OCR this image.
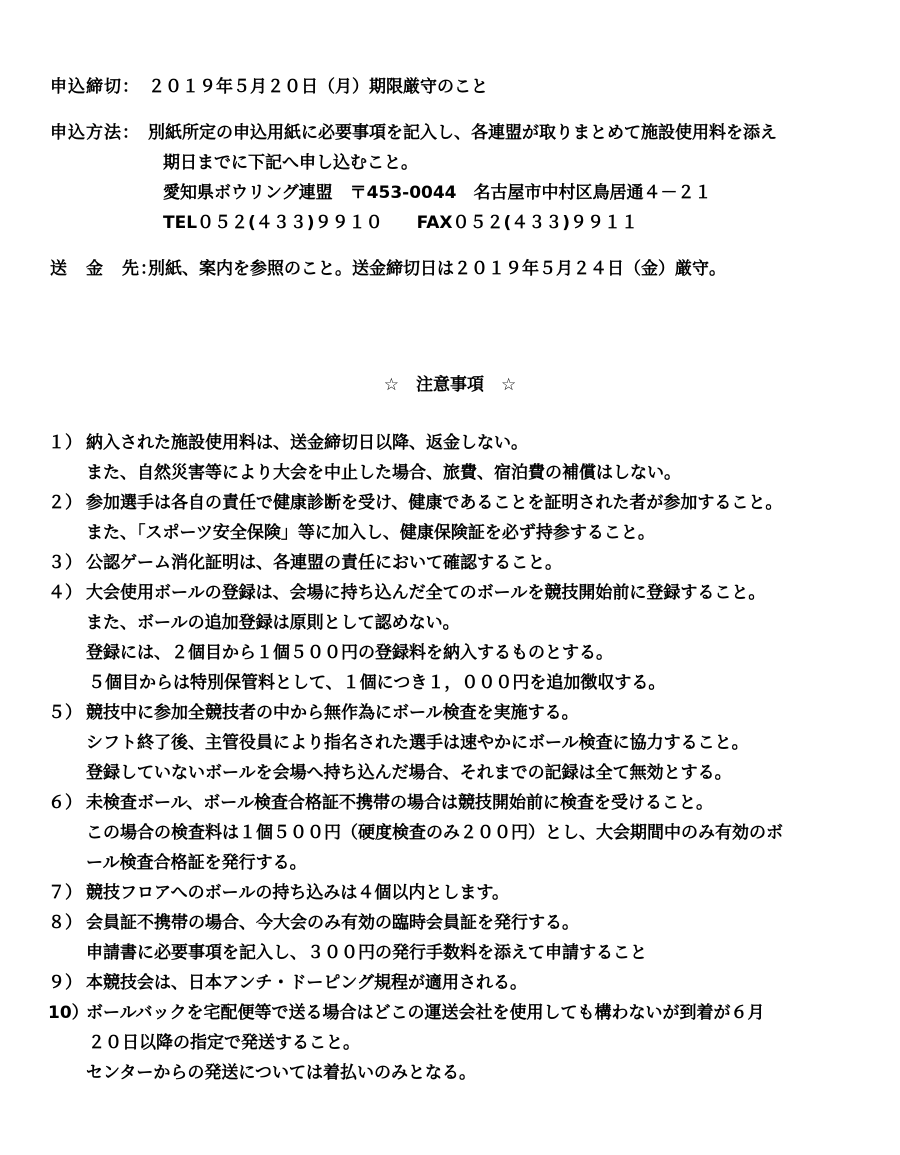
申込締切： ２０１９年５月２０日（月）期限厳守のこと
申込方法： 別紙所定の申込用紙に必要事項を記入し、各連盟が取りまとめて施設使用料を添え
期日までに下記へ申し込むこと。
愛知県ボウリング連盟　〒453-0044　名古屋市中村区鳥居通４－２１
TEL０５２(４３３)９９１０　　FAX０５２(４３３)９９１１
送　金　先：
別紙、案内を参照のこと。送金締切日は２０１９年５月２４日（金）厳守。
☆　注意事項　☆
１） 納入された施設使用料は、送金締切日以降、返金しない。
また、自然災害等により大会を中止した場合、旅費、宿泊費の補償はしない。
２） 参加選手は各自の責任で健康診断を受け、健康であることを証明された者が参加すること。
また、「スポーツ安全保険」等に加入し、健康保険証を必ず持参すること。
３） 公認ゲーム消化証明は、各連盟の責任において確認すること。
４） 大会使用ボールの登録は、会場に持ち込んだ全てのボールを競技開始前に登録すること。
また、ボールの追加登録は原則として認めない。
登録には、２個目から１個５００円の登録料を納入するものとする。
５個目からは特別保管料として、１個につき１，０００円を追加徴収する。
５） 競技中に参加全競技者の中から無作為にボール検査を実施する。
シフト終了後、主管役員により指名された選手は速やかにボール検査に協力すること。
登録していないボールを会場へ持ち込んだ場合、それまでの記録は全て無効とする。
６） 未検査ボール、ボール検査合格証不携帯の場合は競技開始前に検査を受けること。
この場合の検査料は１個５００円（硬度検査のみ２００円）とし、大会期間中のみ有効のボ
ール検査合格証を発行する。
７） 競技フロアへのボールの持ち込みは４個以内とします。
８） 会員証不携帯の場合、今大会のみ有効の臨時会員証を発行する。
申請書に必要事項を記入し、３００円の発行手数料を添えて申請すること
９） 本競技会は、日本アンチ・ドーピング規程が適用される。
10）
ボールバックを宅配便等で送る場合はどこの運送会社を使用しても構わないが到着が６月
２０日以降の指定で発送すること。
センターからの発送については着払いのみとなる。
